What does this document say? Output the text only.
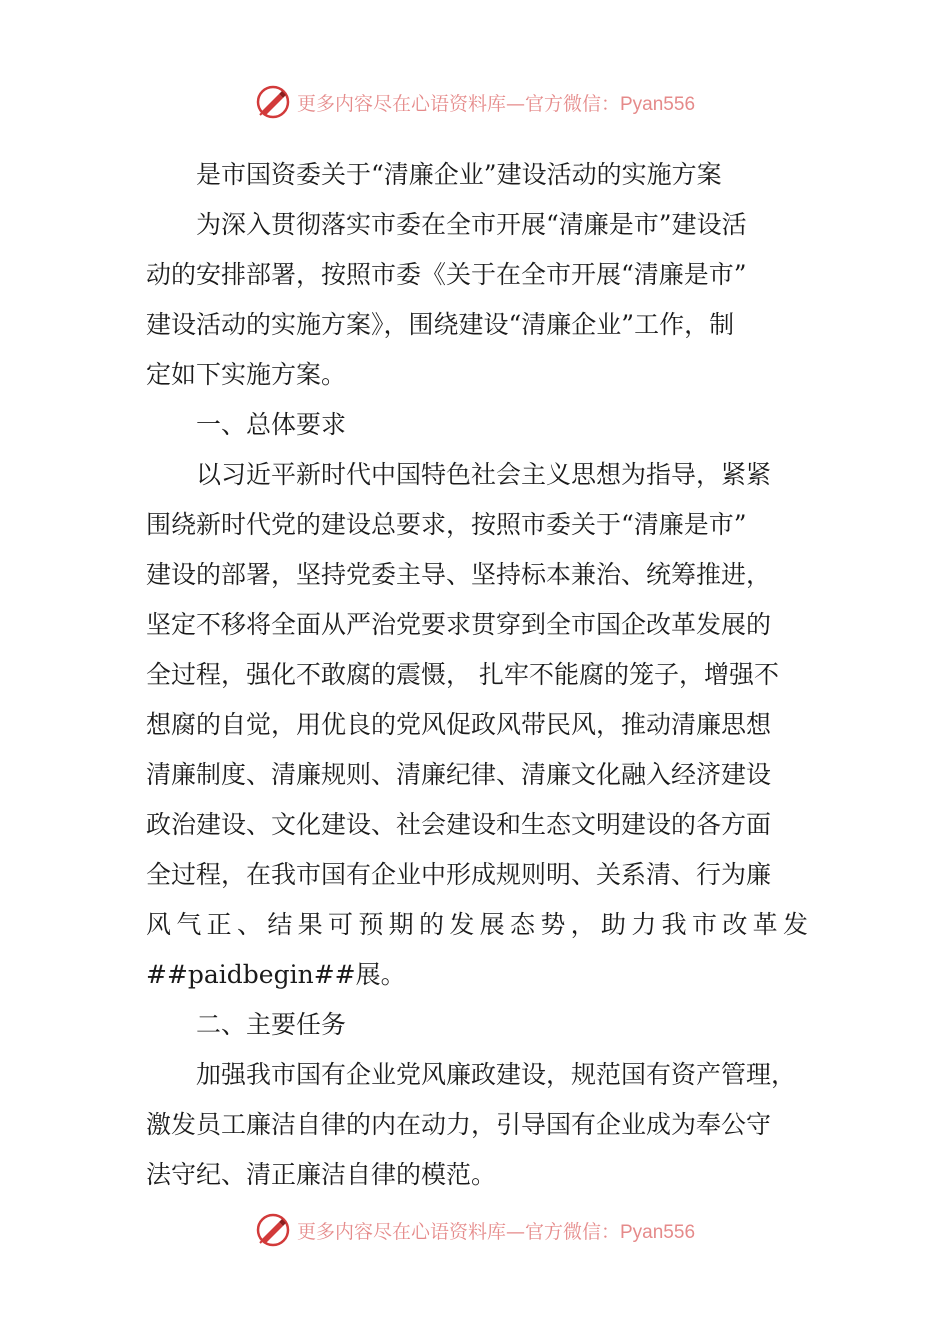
更多内容尽在心语资料库—官方微信：Pyan556
是市国资委关于“清廉企业”建设活动的实施方案
为深入贯彻落实市委在全市开展“清廉是市”建设活
动的安排部署，按照市委《关于在全市开展“清廉是市”
建设活动的实施方案》，围绕建设“清廉企业”工作，制
定如下实施方案。
一、总体要求
以习近平新时代中国特色社会主义思想为指导，紧紧
围绕新时代党的建设总要求，按照市委关于“清廉是市”
建设的部署，坚持党委主导、坚持标本兼治、统筹推进，
坚定不移将全面从严治党要求贯穿到全市国企改革发展的
全过程，强化不敢腐的震慑， 扎牢不能腐的笼子，增强不
想腐的自觉，用优良的党风促政风带民风，推动清廉思想
清廉制度、清廉规则、清廉纪律、清廉文化融入经济建设
政治建设、文化建设、社会建设和生态文明建设的各方面
全过程，在我市国有企业中形成规则明、关系清、行为廉
风气正、结果可预期的发展态势，助力我市改革发
##paidbegin##展。
二、主要任务
加强我市国有企业党风廉政建设，规范国有资产管理，
激发员工廉洁自律的内在动力，引导国有企业成为奉公守
法守纪、清正廉洁自律的模范。
更多内容尽在心语资料库—官方微信：Pyan556
